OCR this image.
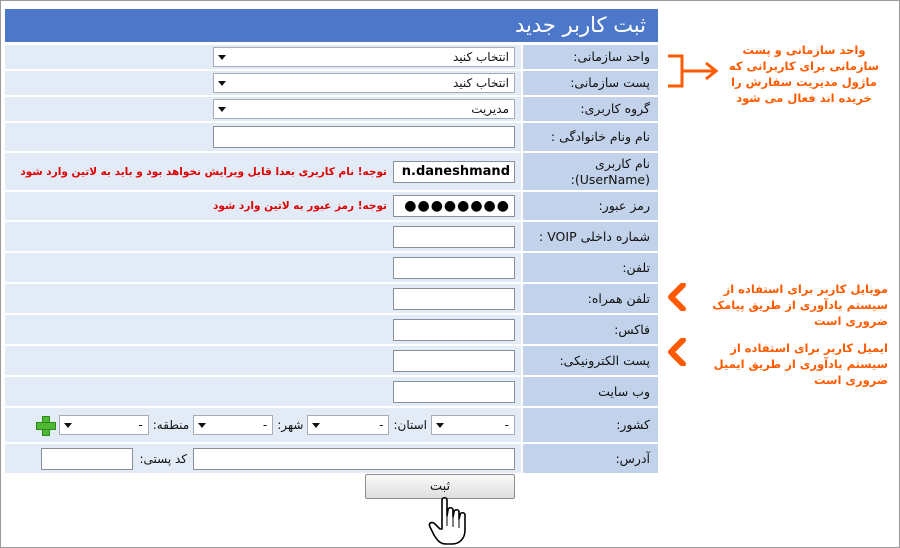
ثبت کاربر جدید
واحد سازمانی:
انتخاب کنید
پست سازمانی:
انتخاب کنید
گروه کاربری:
مدیریت
نام ونام خانوادگی :
نام کاربری (UserName):
n.daneshmand
توجه! نام کاربری بعدا قابل ویرایش نخواهد بود و باید به لاتین وارد شود
رمز عبور:
●●●●●●●●
توجه! رمز عبور به لاتین وارد شود
شماره داخلی VOIP :
تلفن:
تلفن همراه:
فاکس:
پست الکترونیکی:
وب سایت
کشور:
-
استان:
-
شهر:
-
منطقه:
-
آدرس:
کد پستی:
ثبت
واحد سازمانی و پست سازمانی برای کاربرانی که ماژول مدیریت سفارش را خریده اند فعال می شود
موبایل کاربر برای استفاده از سیستم یادآوری از طریق پیامک ضروری است
ایمیل کاربر برای استفاده از سیستم یادآوری از طریق ایمیل ضروری است
